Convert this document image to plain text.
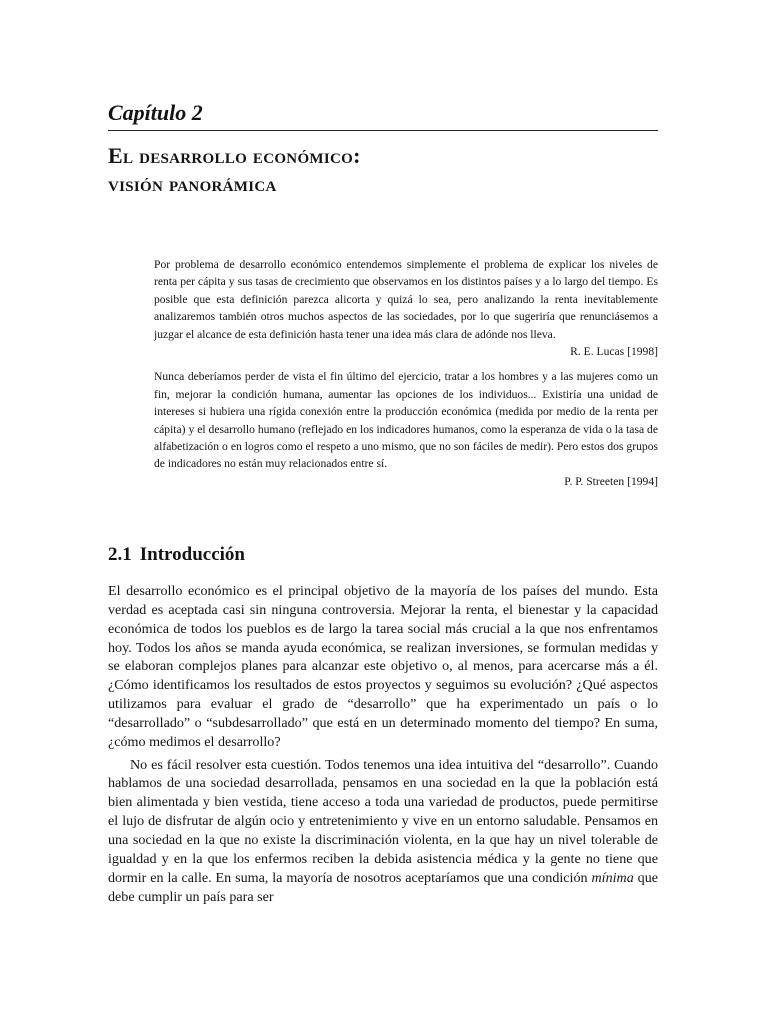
Capítulo 2
El desarrollo económico:
visión panorámica

Por problema de desarrollo económico entendemos simplemente el problema de explicar los niveles de renta per cápita y sus tasas de crecimiento que observamos en los distintos países y a lo largo del tiempo. Es posible que esta definición parezca alicorta y quizá lo sea, pero analizando la renta inevitablemente analizaremos también otros muchos aspectos de las sociedades, por lo que sugeriría que renunciásemos a juzgar el alcance de esta definición hasta tener una idea más clara de adónde nos lleva.

R. E. Lucas [1998]

Nunca deberíamos perder de vista el fin último del ejercicio, tratar a los hombres y a las mujeres como un fin, mejorar la condición humana, aumentar las opciones de los individuos... Existiría una unidad de intereses si hubiera una rígida conexión entre la producción económica (medida por medio de la renta per cápita) y el desarrollo humano (reflejado en los indicadores humanos, como la esperanza de vida o la tasa de alfabetización o en logros como el respeto a uno mismo, que no son fáciles de medir). Pero estos dos grupos de indicadores no están muy relacionados entre sí.

P. P. Streeten [1994]

2.1 Introducción

El desarrollo económico es el principal objetivo de la mayoría de los países del mundo. Esta verdad es aceptada casi sin ninguna controversia. Mejorar la renta, el bienestar y la capacidad económica de todos los pueblos es de largo la tarea social más crucial a la que nos enfrentamos hoy. Todos los años se manda ayuda económica, se realizan inversiones, se formulan medidas y se elaboran complejos planes para alcanzar este objetivo o, al menos, para acercarse más a él. ¿Cómo identificamos los resultados de estos proyectos y seguimos su evolución? ¿Qué aspectos utilizamos para evaluar el grado de “desarrollo” que ha experimentado un país o lo “desarrollado” o “subdesarrollado” que está en un determinado momento del tiempo? En suma, ¿cómo medimos el desarrollo?

No es fácil resolver esta cuestión. Todos tenemos una idea intuitiva del “desarrollo”. Cuando hablamos de una sociedad desarrollada, pensamos en una sociedad en la que la población está bien alimentada y bien vestida, tiene acceso a toda una variedad de productos, puede permitirse el lujo de disfrutar de algún ocio y entretenimiento y vive en un entorno saludable. Pensamos en una sociedad en la que no existe la discriminación violenta, en la que hay un nivel tolerable de igualdad y en la que los enfermos reciben la debida asistencia médica y la gente no tiene que dormir en la calle. En suma, la mayoría de nosotros aceptaríamos que una condición mínima que debe cumplir un país para ser
